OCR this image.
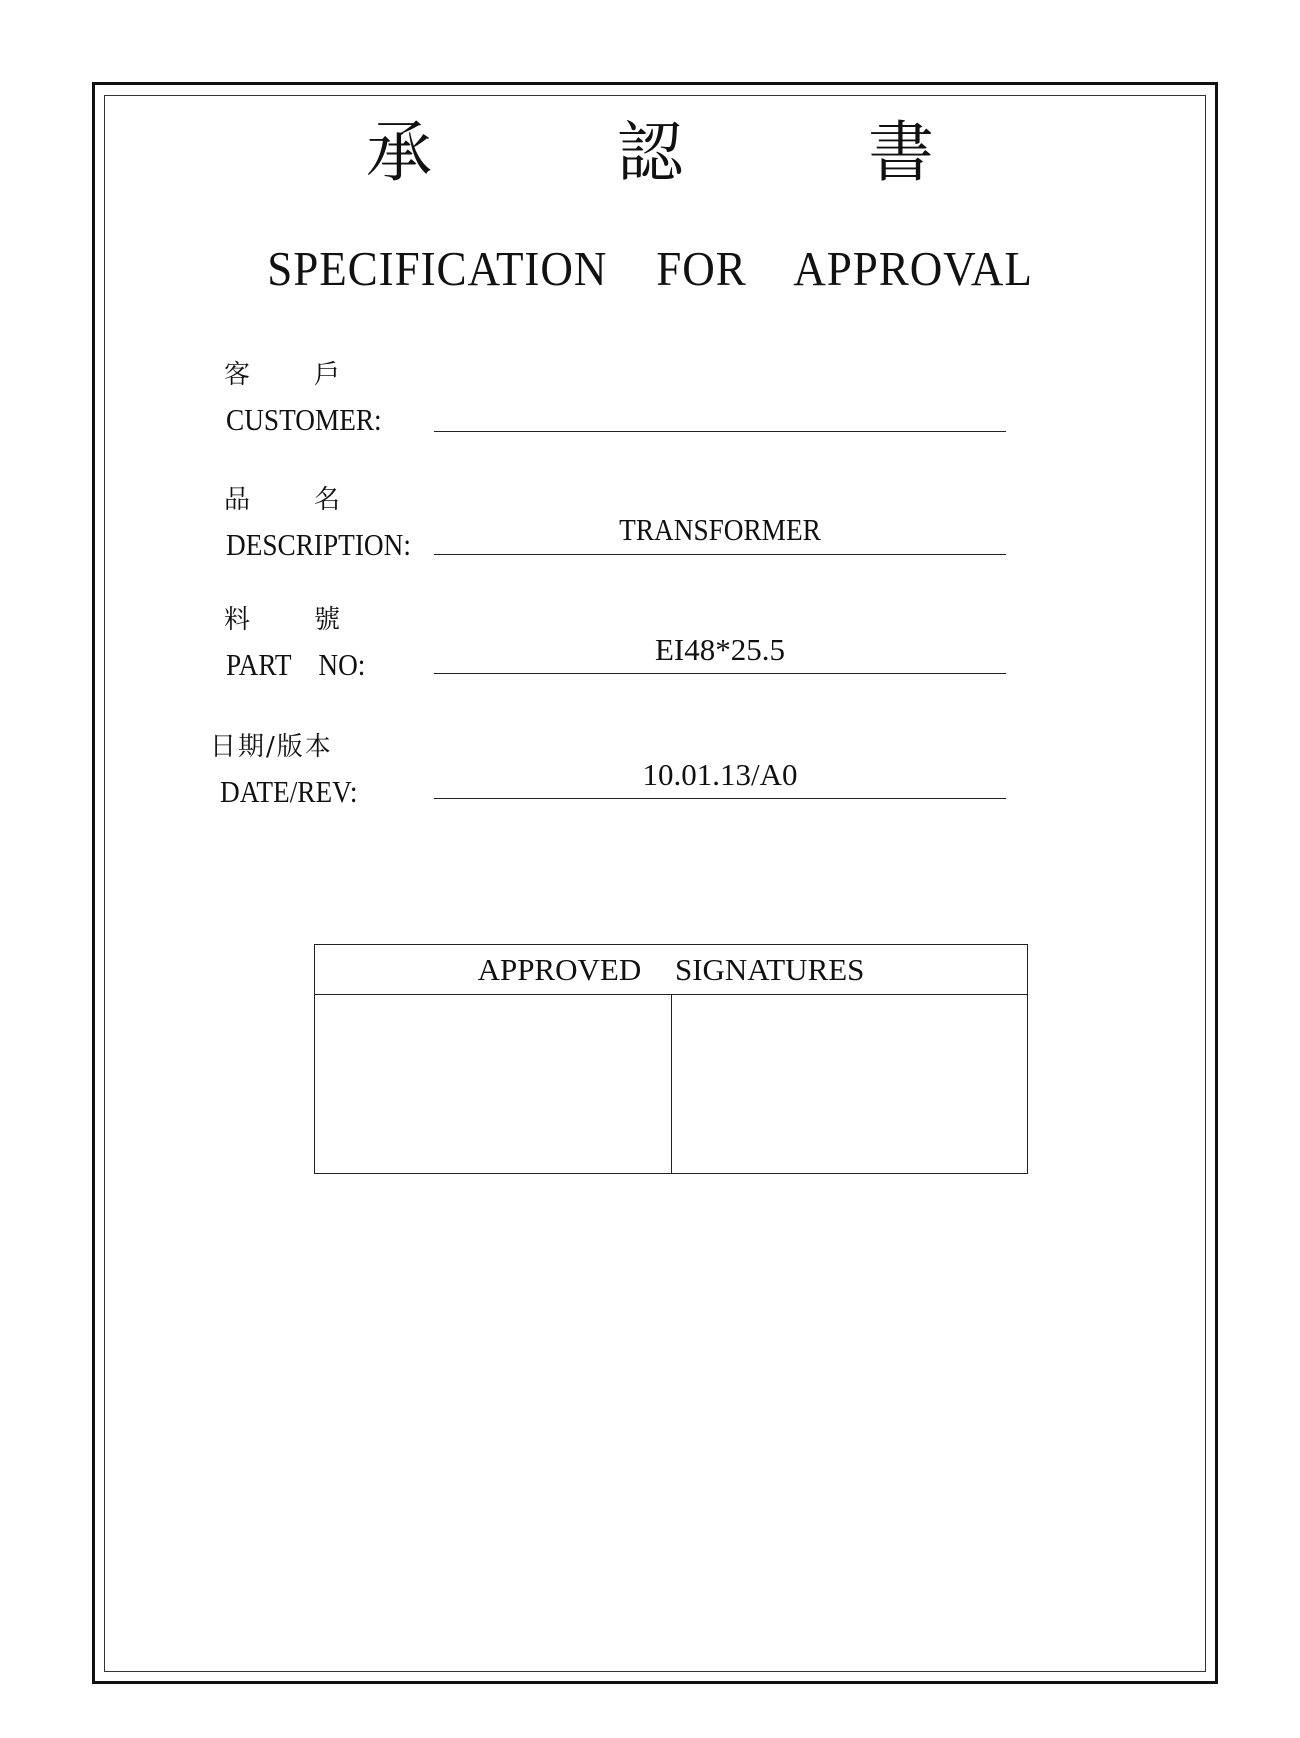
承 認 書
SPECIFICATION FOR APPROVAL
客　　戶
CUSTOMER:
品　　名
DESCRIPTION:	TRANSFORMER
料　　號
PART　NO:	EI48*25.5
日期/版本
DATE/REV:	10.01.13/A0
APPROVED SIGNATURES
